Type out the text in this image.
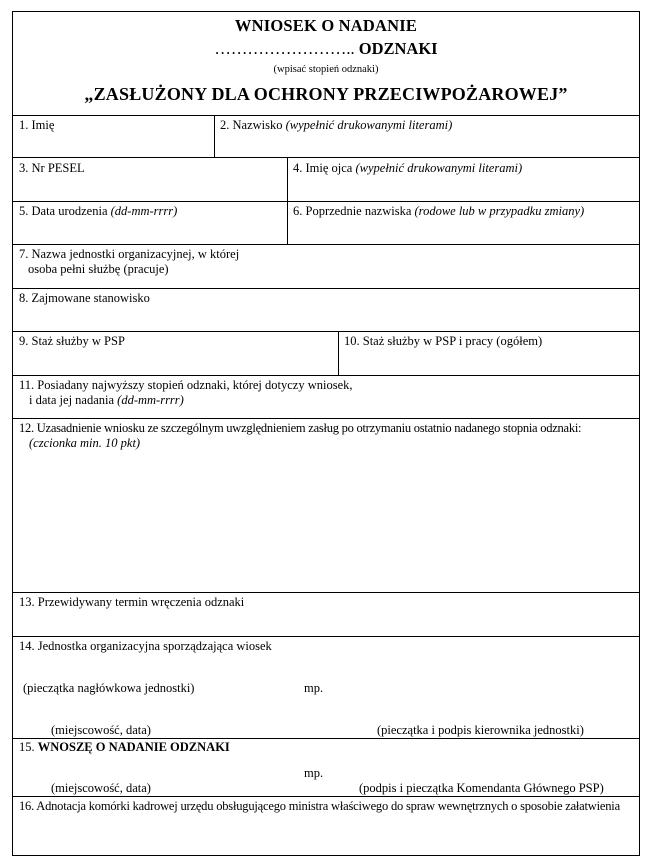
WNIOSEK O NADANIE
…………………….. ODZNAKI
(wpisać stopień odznaki)
„ZASŁUŻONY DLA OCHRONY PRZECIWPOŻAROWEJ”
1. Imię	2. Nazwisko (wypełnić drukowanymi literami)
3. Nr PESEL	4. Imię ojca (wypełnić drukowanymi literami)
5. Data urodzenia (dd-mm-rrrr)	6. Poprzednie nazwiska (rodowe lub w przypadku zmiany)
7. Nazwa jednostki organizacyjnej, w której
osoba pełni służbę (pracuje)
8. Zajmowane stanowisko
9. Staż służby w PSP	10. Staż służby w PSP i pracy (ogółem)
11. Posiadany najwyższy stopień odznaki, której dotyczy wniosek,
i data jej nadania (dd-mm-rrrr)
12. Uzasadnienie wniosku ze szczególnym uwzględnieniem zasług po otrzymaniu ostatnio nadanego stopnia odznaki:
(czcionka min. 10 pkt)
13. Przewidywany termin wręczenia odznaki
14. Jednostka organizacyjna sporządzająca wiosek
(pieczątka nagłówkowa jednostki)	mp.
(miejscowość, data)	(pieczątka i podpis kierownika jednostki)
15. WNOSZĘ O NADANIE ODZNAKI
mp.
(miejscowość, data)	(podpis i pieczątka Komendanta Głównego PSP)
16. Adnotacja komórki kadrowej urzędu obsługującego ministra właściwego do spraw wewnętrznych o sposobie załatwienia
